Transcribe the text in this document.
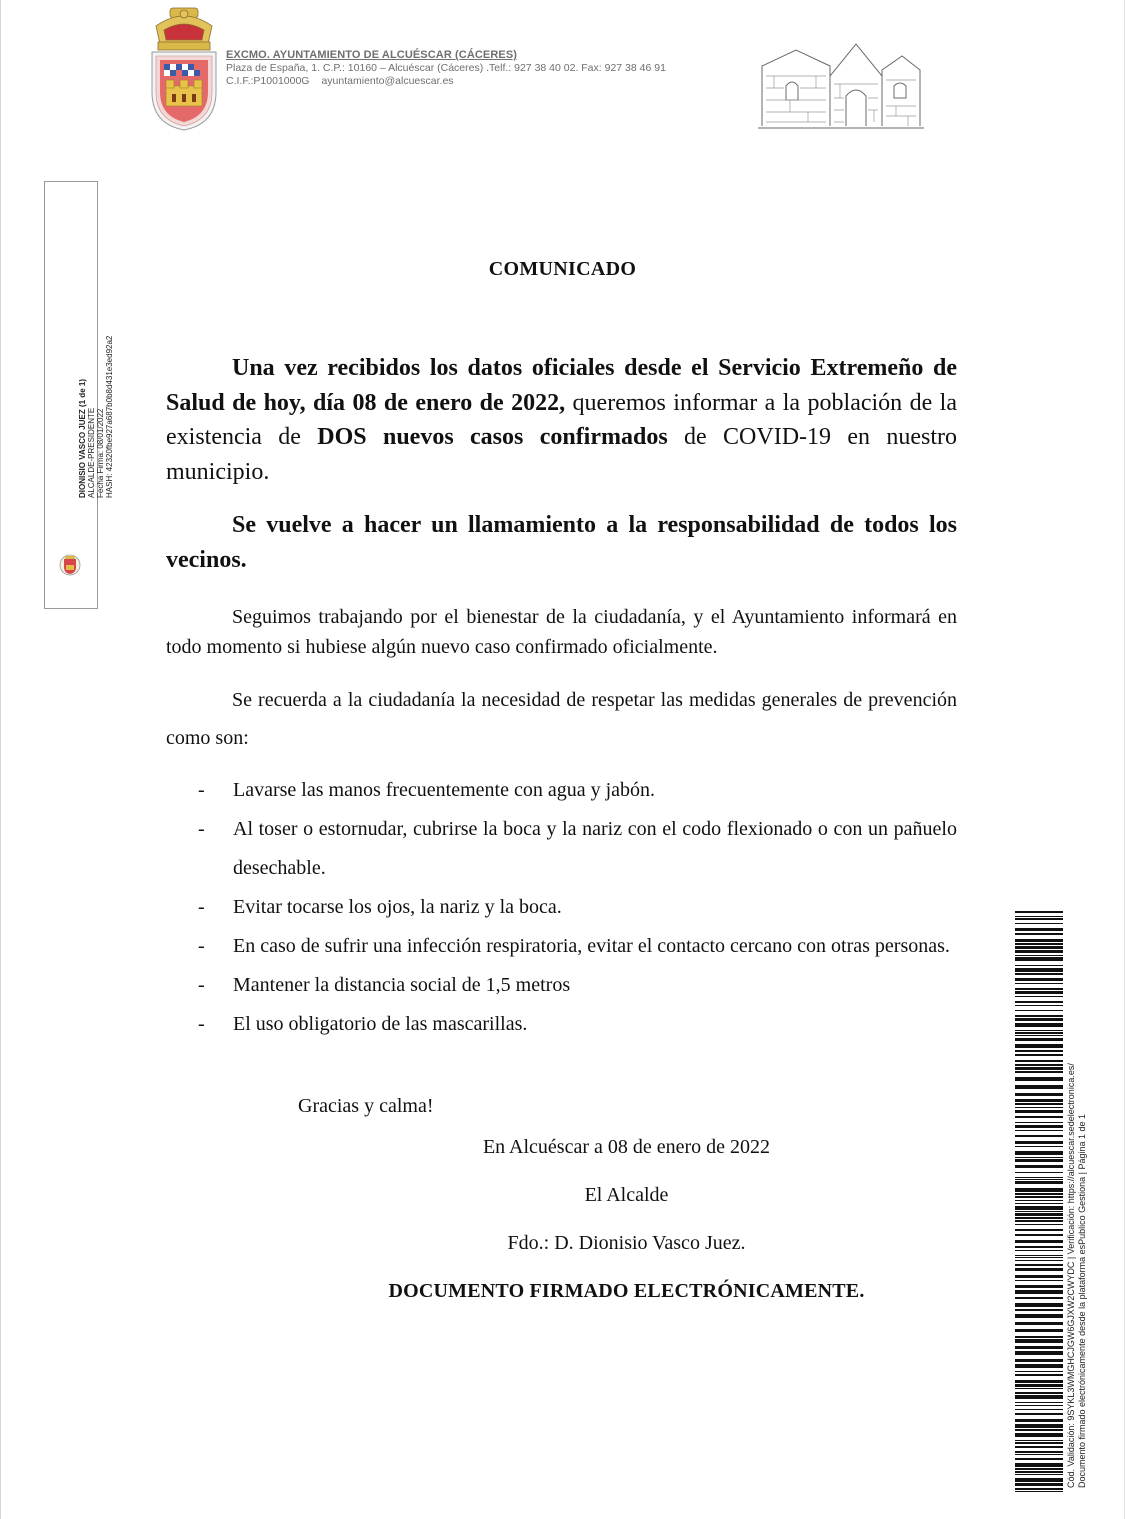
EXCMO. AYUNTAMIENTO DE ALCUÉSCAR (CÁCERES)
Plaza de España, 1. C.P.: 10160 – Alcuéscar (Cáceres) .Telf.: 927 38 40 02. Fax: 927 38 46 91
C.I.F.:P1001000G ayuntamiento@alcuescar.es
DIONISIO VASCO JUEZ (1 de 1) ALCALDE-PRESIDENTE Fecha Firma: 08/01/2022 HASH: 42320fbe927a687b0b8d431e3ed92a2
COMUNICADO
Una vez recibidos los datos oficiales desde el Servicio Extremeño de Salud de hoy, día 08 de enero de 2022, queremos informar a la población de la existencia de DOS nuevos casos confirmados de COVID-19 en nuestro municipio.
Se vuelve a hacer un llamamiento a la responsabilidad de todos los vecinos.
Seguimos trabajando por el bienestar de la ciudadanía, y el Ayuntamiento informará en todo momento si hubiese algún nuevo caso confirmado oficialmente.
Se recuerda a la ciudadanía la necesidad de respetar las medidas generales de prevención como son:
- Lavarse las manos frecuentemente con agua y jabón.
- Al toser o estornudar, cubrirse la boca y la nariz con el codo flexionado o con un pañuelo desechable.
- Evitar tocarse los ojos, la nariz y la boca.
- En caso de sufrir una infección respiratoria, evitar el contacto cercano con otras personas.
- Mantener la distancia social de 1,5 metros
- El uso obligatorio de las mascarillas.
Gracias y calma!
En Alcuéscar a 08 de enero de 2022
El Alcalde
Fdo.: D. Dionisio Vasco Juez.
DOCUMENTO FIRMADO ELECTRÓNICAMENTE.	Cód. Validación: 9SYKL3WMGHCJGW6GJXW2CWYDC | Verificación: https://alcuescar.sedelectronica.es/ Documento firmado electrónicamente desde la plataforma esPublico Gestiona | Página 1 de 1
